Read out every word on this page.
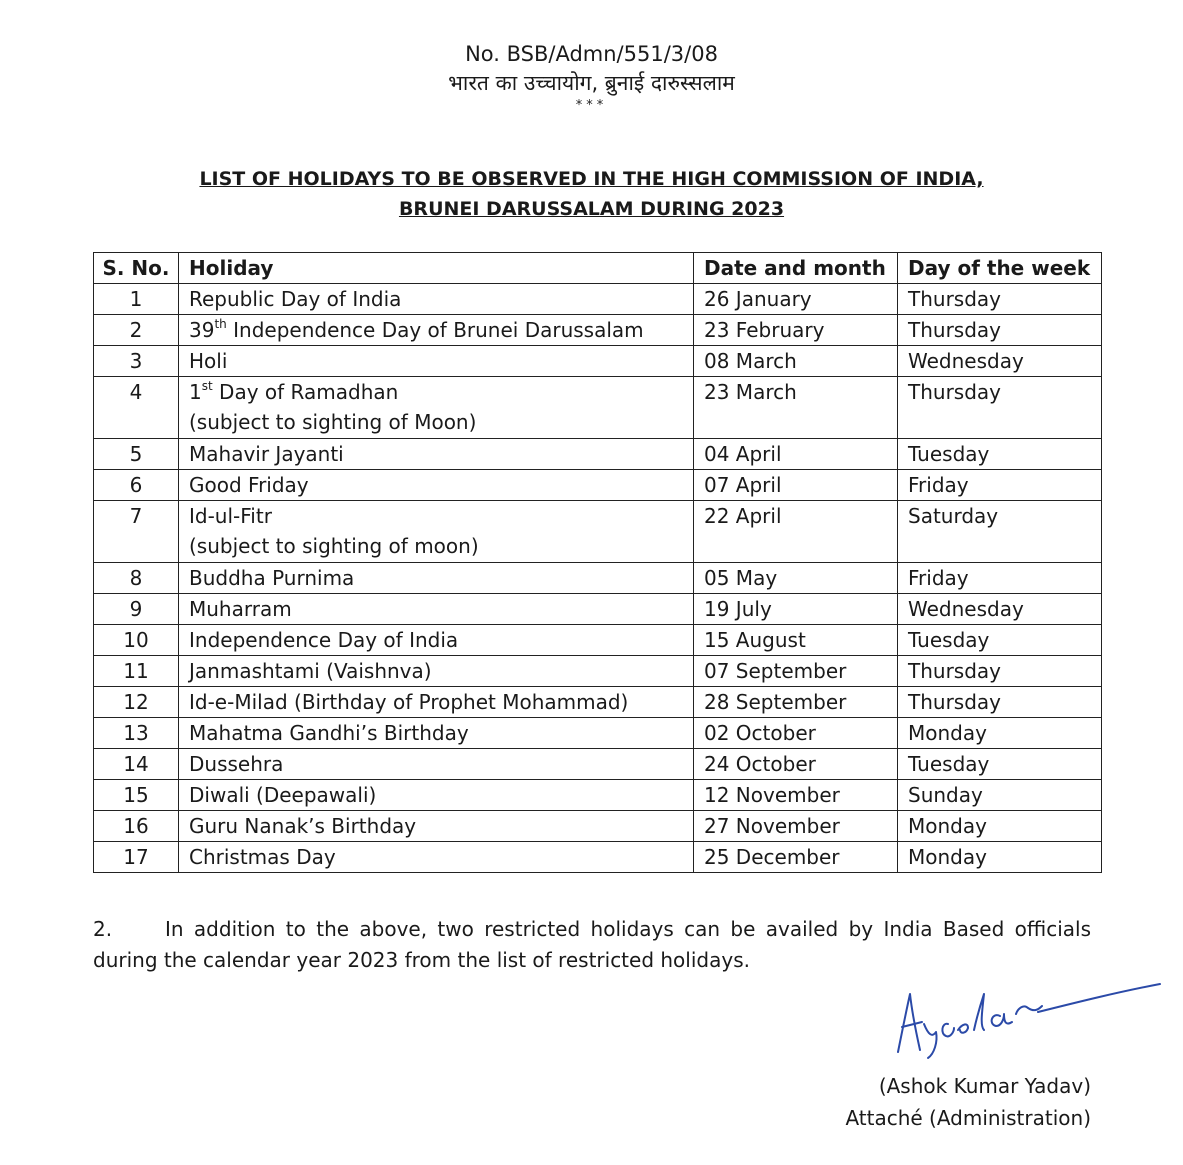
No. BSB/Admn/551/3/08
भारत का उच्चायोग, ब्रुनाई दारुस्सलाम
***
LIST OF HOLIDAYS TO BE OBSERVED IN THE HIGH COMMISSION OF INDIA,
BRUNEI DARUSSALAM DURING 2023
S. No.	Holiday	Date and month	Day of the week
1	Republic Day of India	26 January	Thursday
2	39th Independence Day of Brunei Darussalam	23 February	Thursday
3	Holi	08 March	Wednesday
4	1st Day of Ramadhan
(subject to sighting of Moon)	23 March	Thursday
5	Mahavir Jayanti	04 April	Tuesday
6	Good Friday	07 April	Friday
7	Id-ul-Fitr
(subject to sighting of moon)	22 April	Saturday
8	Buddha Purnima	05 May	Friday
9	Muharram	19 July	Wednesday
10	Independence Day of India	15 August	Tuesday
11	Janmashtami (Vaishnva)	07 September	Thursday
12	Id-e-Milad (Birthday of Prophet Mohammad)	28 September	Thursday
13	Mahatma Gandhi’s Birthday	02 October	Monday
14	Dussehra	24 October	Tuesday
15	Diwali (Deepawali)	12 November	Sunday
16	Guru Nanak’s Birthday	27 November	Monday
17	Christmas Day	25 December	Monday
2.	In addition to the above, two restricted holidays can be availed by India Based officials during the calendar year 2023 from the list of restricted holidays.
(Ashok Kumar Yadav)
Attaché (Administration)
